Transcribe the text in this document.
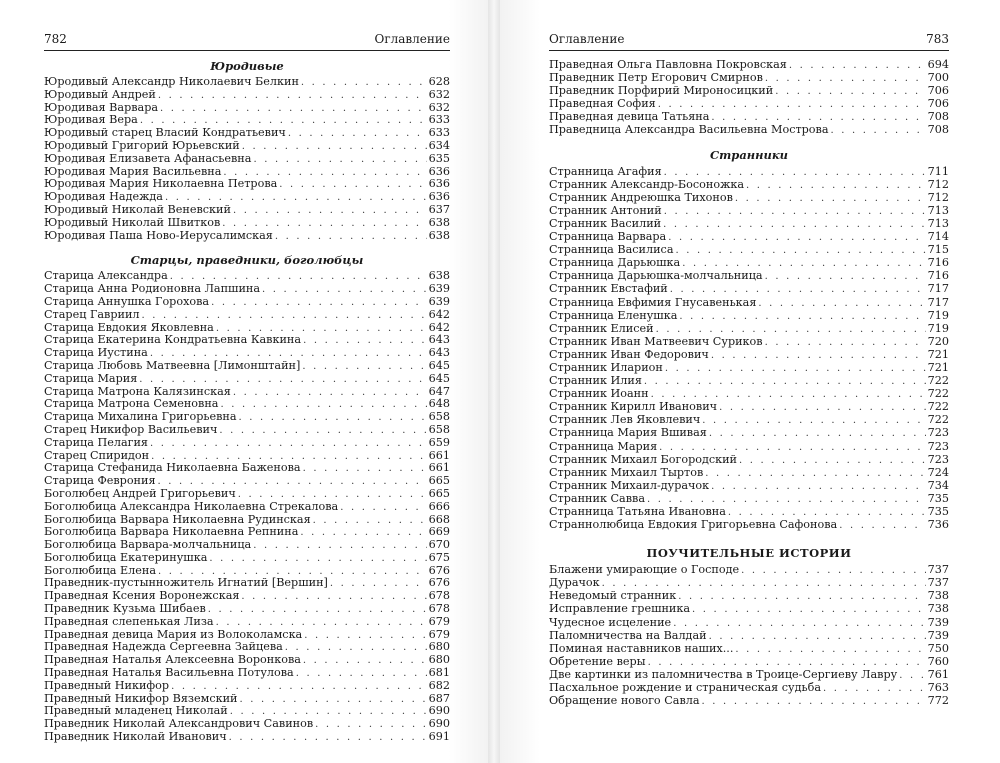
782	Оглавление
Юродивые
Юродивый Александр Николаевич Белкин . . .	628
Юродивый Андрей . . .	632
Юродивая Варвара . . .	632
Юродивая Вера . . .	633
Юродивый старец Власий Кондратьевич . . .	633
Юродивый Григорий Юрьевский . . .	634
Юродивая Елизавета Афанасьевна . . .	635
Юродивая Мария Васильевна . . .	636
Юродивая Мария Николаевна Петрова . . .	636
Юродивая Надежда . . .	636
Юродивый Николай Веневский . . .	637
Юродивый Николай Швитков . . .	638
Юродивая Паша Ново-Иерусалимская . . .	638
Старцы, праведники, боголюбцы
Старица Александра . . .	638
Старица Анна Родионовна Лапшина . . .	639
Старица Аннушка Горохова . . .	639
Старец Гавриил . . .	642
Старица Евдокия Яковлевна . . .	642
Старица Екатерина Кондратьевна Кавкина . . .	643
Старица Иустина . . .	643
Старица Любовь Матвеевна [Лимонштайн] . . .	645
Старица Мария . . .	645
Старица Матрона Калязинская . . .	647
Старица Матрона Семеновна . . .	648
Старица Михалина Григорьевна . . .	658
Старец Никифор Васильевич . . .	658
Старица Пелагия . . .	659
Старец Спиридон . . .	661
Старица Стефанида Николаевна Баженова . . .	661
Старица Феврония . . .	665
Боголюбец Андрей Григорьевич . . .	665
Боголюбица Александра Николаевна Стрекалова . . .	666
Боголюбица Варвара Николаевна Рудинская . . .	668
Боголюбица Варвара Николаевна Репнина . . .	669
Боголюбица Варвара-молчальница . . .	670
Боголюбица Екатеринушка . . .	675
Боголюбица Елена . . .	676
Праведник-пустынножитель Игнатий [Вершин] . . .	676
Праведная Ксения Воронежская . . .	678
Праведник Кузьма Шибаев . . .	678
Праведная слепенькая Лиза . . .	679
Праведная девица Мария из Волоколамска . . .	679
Праведная Надежда Сергеевна Зайцева . . .	680
Праведная Наталья Алексеевна Воронкова . . .	680
Праведная Наталья Васильевна Потулова . . .	681
Праведный Никифор . . .	682
Праведный Никифор Вяземский . . .	687
Праведный младенец Николай . . .	690
Праведник Николай Александрович Савинов . . .	690
Праведник Николай Иванович . . .	691
Оглавление	783
Праведная Ольга Павловна Покровская . . .	694
Праведник Петр Егорович Смирнов . . .	700
Праведник Порфирий Мироносицкий . . .	706
Праведная София . . .	706
Праведная девица Татьяна . . .	708
Праведница Александра Васильевна Мострова . . .	708
Странники
Странница Агафия . . .	711
Странник Александр-Босоножка . . .	712
Странник Андреюшка Тихонов . . .	712
Странник Антоний . . .	713
Странник Василий . . .	713
Странница Варвара . . .	714
Странница Василиса . . .	715
Странница Дарьюшка . . .	716
Странница Дарьюшка-молчальница . . .	716
Странник Евстафий . . .	717
Странница Евфимия Гнусавенькая . . .	717
Странница Еленушка . . .	719
Странник Елисей . . .	719
Странник Иван Матвеевич Суриков . . .	720
Странник Иван Федорович . . .	721
Странник Иларион . . .	721
Странник Илия . . .	722
Странник Иоанн . . .	722
Странник Кирилл Иванович . . .	722
Странник Лев Яковлевич . . .	722
Странница Мария Вшивая . . .	723
Странница Мария . . .	723
Странник Михаил Богородский . . .	723
Странник Михаил Тыртов . . .	724
Странник Михаил-дурачок . . .	734
Странник Савва . . .	735
Странница Татьяна Ивановна . . .	735
Страннолюбица Евдокия Григорьевна Сафонова . . .	736
ПОУЧИТЕЛЬНЫЕ ИСТОРИИ
Блажени умирающие о Господе . . .	737
Дурачок . . .	737
Неведомый странник . . .	738
Исправление грешника . . .	738
Чудесное исцеление . . .	739
Паломничества на Валдай . . .	739
Поминая наставников наших... . . .	750
Обретение веры . . .	760
Две картинки из паломничества в Троице-Сергиеву Лавру . . .	761
Пасхальное рождение и страническая судьба . . .	763
Обращение нового Савла . . .	772
